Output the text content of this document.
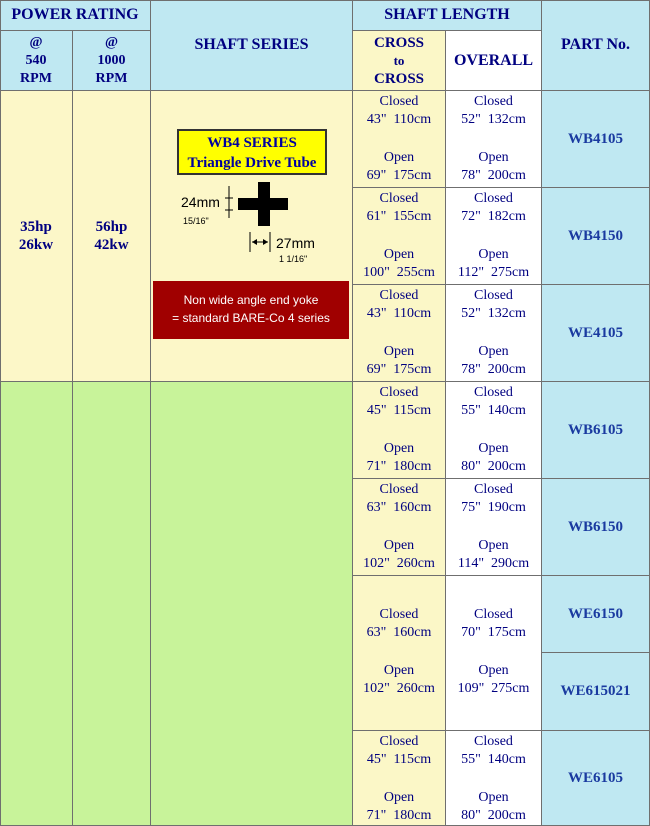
POWER RATING
@
540
RPM
@
1000
RPM
SHAFT SERIES
SHAFT LENGTH
CROSS
to
CROSS
OVERALL
PART No.
35hp
26kw
56hp
42kw
WB4 SERIES
Triangle Drive Tube
24mm
15/16"
27mm
1 1/16"
Non wide angle end yoke
= standard BARE-Co 4 series
Closed
43"  110cm
Open
69"  175cm
Closed
52"  132cm
Open
78"  200cm
WB4105
Closed
61"  155cm
Open
100"  255cm
Closed
72"  182cm
Open
112"  275cm
WB4150
Closed
43"  110cm
Open
69"  175cm
Closed
52"  132cm
Open
78"  200cm
WE4105
Closed
45"  115cm
Open
71"  180cm
Closed
55"  140cm
Open
80"  200cm
WB6105
Closed
63"  160cm
Open
102"  260cm
Closed
75"  190cm
Open
114"  290cm
WB6150
Closed
63"  160cm
Open
102"  260cm
Closed
70"  175cm
Open
109"  275cm
WE6150
WE615021
Closed
45"  115cm
Open
71"  180cm
Closed
55"  140cm
Open
80"  200cm
WE6105
